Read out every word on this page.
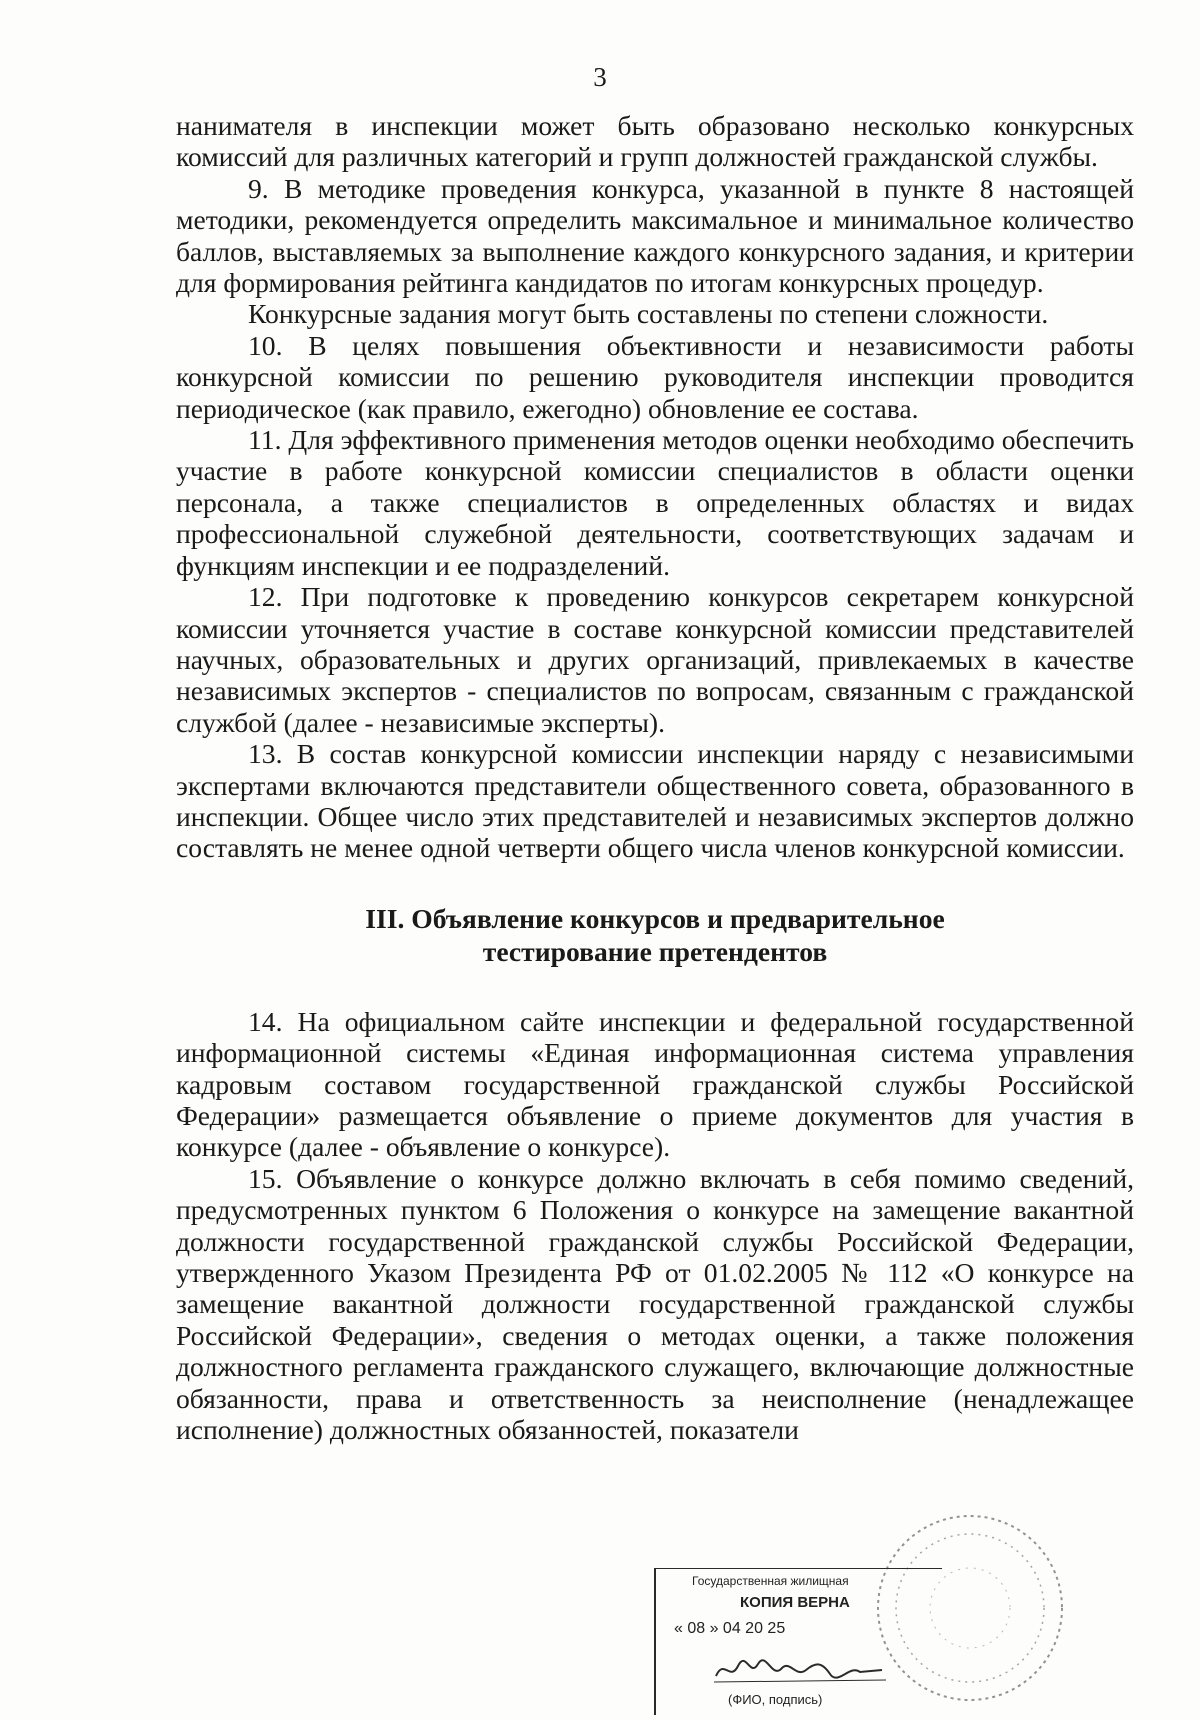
3

нанимателя в инспекции может быть образовано несколько конкурсных комиссий для различных категорий и групп должностей гражданской службы.

9. В методике проведения конкурса, указанной в пункте 8 настоящей методики, рекомендуется определить максимальное и минимальное количество баллов, выставляемых за выполнение каждого конкурсного задания, и критерии для формирования рейтинга кандидатов по итогам конкурсных процедур.

Конкурсные задания могут быть составлены по степени сложности.

10. В целях повышения объективности и независимости работы конкурсной комиссии по решению руководителя инспекции проводится периодическое (как правило, ежегодно) обновление ее состава.

11. Для эффективного применения методов оценки необходимо обеспечить участие в работе конкурсной комиссии специалистов в области оценки персонала, а также специалистов в определенных областях и видах профессиональной служебной деятельности, соответствующих задачам и функциям инспекции и ее подразделений.

12. При подготовке к проведению конкурсов секретарем конкурсной комиссии уточняется участие в составе конкурсной комиссии представителей научных, образовательных и других организаций, привлекаемых в качестве независимых экспертов - специалистов по вопросам, связанным с гражданской службой (далее - независимые эксперты).

13. В состав конкурсной комиссии инспекции наряду с независимыми экспертами включаются представители общественного совета, образованного в инспекции. Общее число этих представителей и независимых экспертов должно составлять не менее одной четверти общего числа членов конкурсной комиссии.

III. Объявление конкурсов и предварительное
тестирование претендентов

14. На официальном сайте инспекции и федеральной государственной информационной системы «Единая информационная система управления кадровым составом государственной гражданской службы Российской Федерации» размещается объявление о приеме документов для участия в конкурсе (далее - объявление о конкурсе).

15. Объявление о конкурсе должно включать в себя помимо сведений, предусмотренных пунктом 6 Положения о конкурсе на замещение вакантной должности государственной гражданской службы Российской Федерации, утвержденного Указом Президента РФ от 01.02.2005 № 112 «О конкурсе на замещение вакантной должности государственной гражданской службы Российской Федерации», сведения о методах оценки, а также положения должностного регламента гражданского служащего, включающие должностные обязанности, права и ответственность за неисполнение (ненадлежащее исполнение) должностных обязанностей, показатели

Государственная жилищная
КОПИЯ ВЕРНА
« 08 » 04 20 25
(ФИО, подпись)
